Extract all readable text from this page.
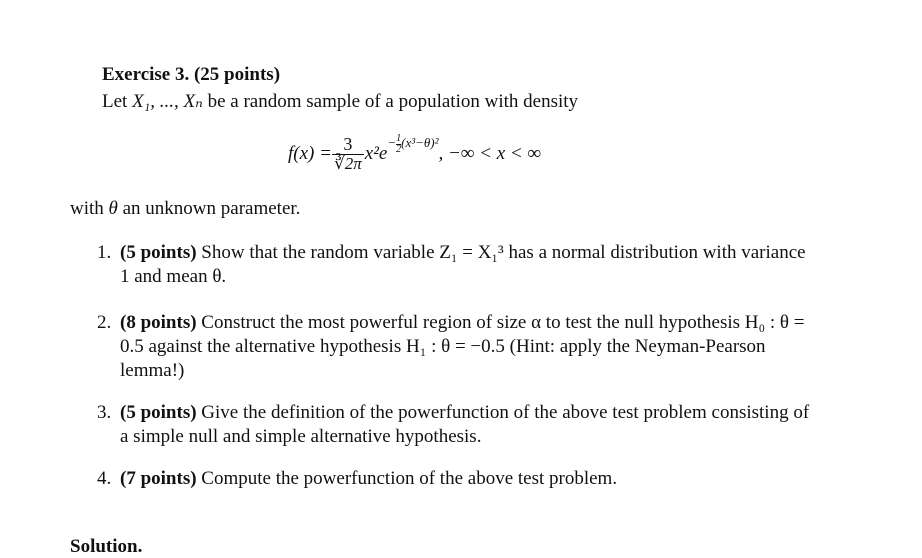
Exercise 3. (25 points)
Let X₁, ..., Xₙ be a random sample of a population with density
$f(x) = \frac{3}{∛2\pi} x^2e$
− $\frac{1}{2} (x^3-\theta)^2$
, −∞ < x < ∞
with θ an unknown parameter.
1. (5 points) Show that the random variable Z₁ = X₁³ has a normal distribution with variance
1 and mean θ.
2. (8 points) Construct the most powerful region of size α to test the null hypothesis H₀ : θ =
0.5 against the alternative hypothesis H₁ : θ = −0.5 (Hint: apply the Neyman-Pearson
lemma!)
3. (5 points) Give the definition of the powerfunction of the above test problem consisting of
a simple null and simple alternative hypothesis.
4. (7 points) Compute the powerfunction of the above test problem.
Solution.
